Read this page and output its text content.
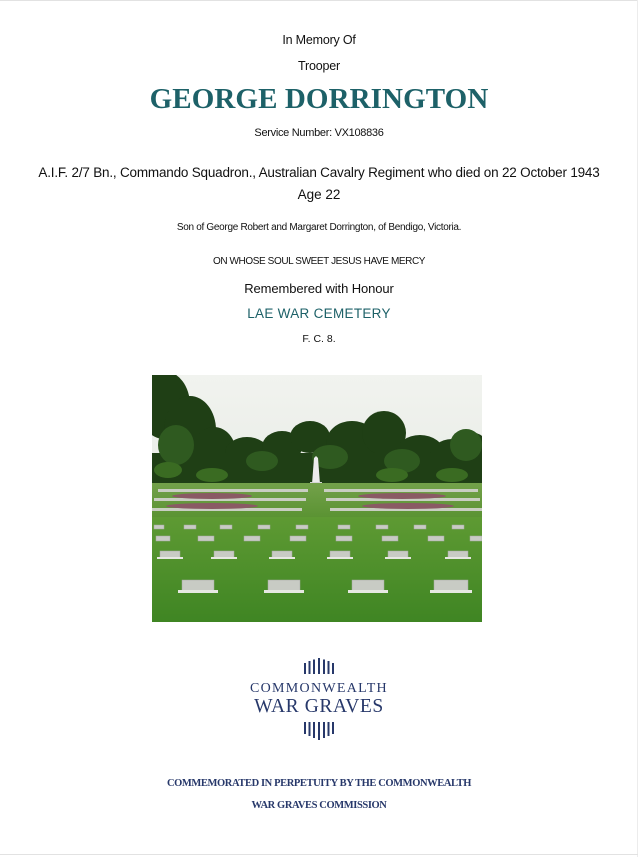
In Memory Of
Trooper
GEORGE DORRINGTON
Service Number: VX108836
A.I.F. 2/7 Bn., Commando Squadron., Australian Cavalry Regiment who died on 22 October 1943
Age 22
Son of George Robert and Margaret Dorrington, of Bendigo, Victoria.
ON WHOSE SOUL SWEET JESUS HAVE MERCY
Remembered with Honour
LAE WAR CEMETERY
F. C. 8.
COMMONWEALTH
WAR GRAVES
COMMEMORATED IN PERPETUITY BY THE COMMONWEALTH
WAR GRAVES COMMISSION
